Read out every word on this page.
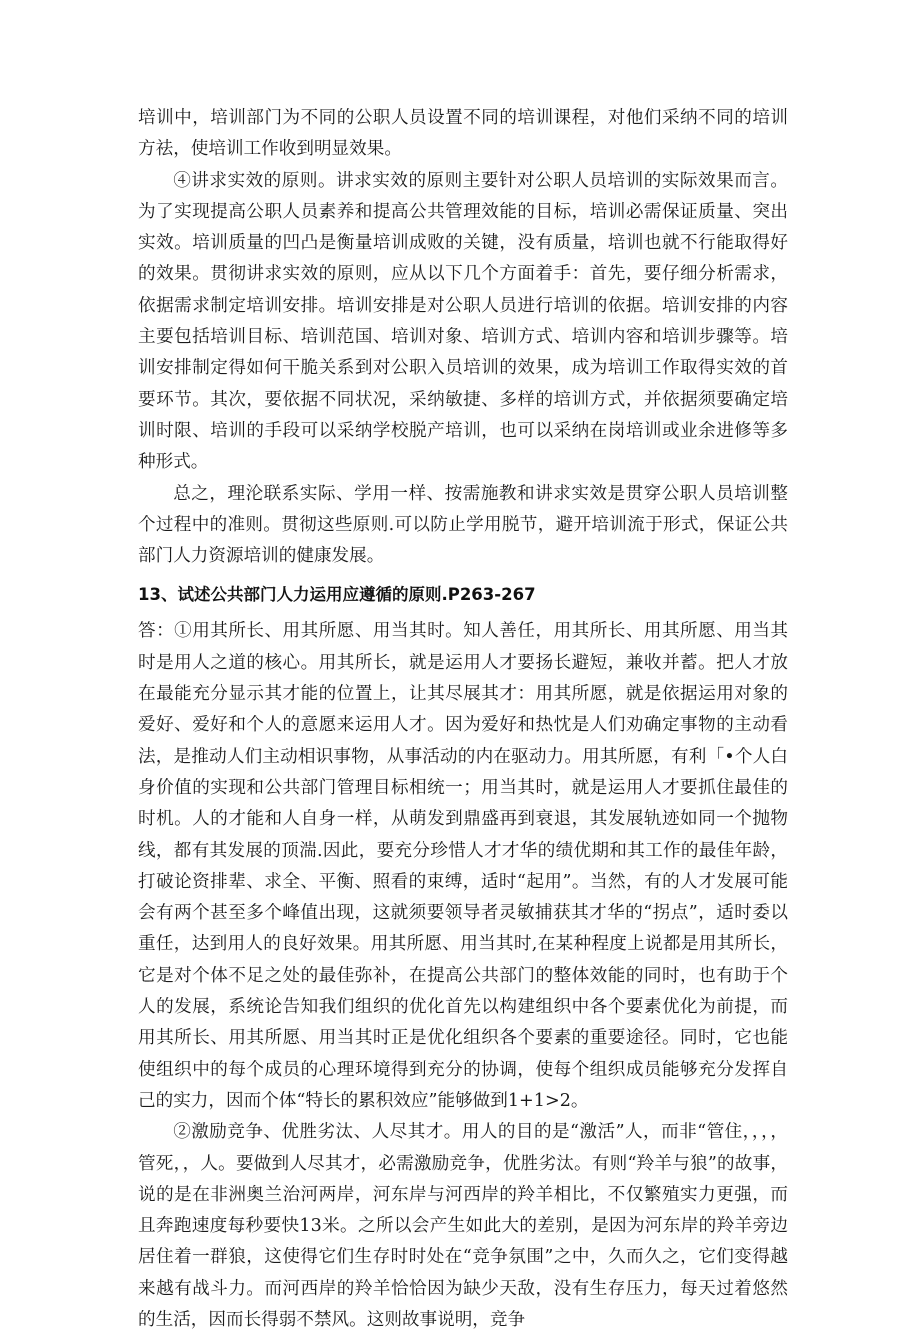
培训中，培训部门为不同的公职人员设置不同的培训课程，对他们采纳不同的培训方祛，使培训工作收到明显效果。

④讲求实效的原则。讲求实效的原则主要针对公职人员培训的实际效果而言。为了实现提高公职人员素养和提高公共管理效能的目标，培训必需保证质量、突出实效。培训质量的凹凸是衡量培训成败的关键，没有质量，培训也就不行能取得好的效果。贯彻讲求实效的原则，应从以下几个方面着手：首先，要仔细分析需求，依据需求制定培训安排。培训安排是对公职人员进行培训的依据。培训安排的内容主要包括培训目标、培训范国、培训对象、培训方式、培训内容和培训步骤等。培训安排制定得如何干脆关系到对公职入员培训的效果，成为培训工作取得实效的首要环节。其次，要依据不同状况，采纳敏捷、多样的培训方式，并依据须要确定培训时限、培训的手段可以采纳学校脱产培训，也可以采纳在岗培训或业余进修等多种形式。

总之，理沦联系实际、学用一样、按需施教和讲求实效是贯穿公职人员培训整个过程中的准则。贯彻这些原则.可以防止学用脱节，避开培训流于形式，保证公共部门人力资源培训的健康发展。

13、试述公共部门人力运用应遵循的原则.P263-267

答：①用其所长、用其所愿、用当其时。知人善任，用其所长、用其所愿、用当其时是用人之道的核心。用其所长，就是运用人才要扬长避短，兼收并蓄。把人才放在最能充分显示其才能的位置上，让其尽展其才：用其所愿，就是依据运用对象的爱好、爱好和个人的意愿来运用人才。因为爱好和热忱是人们劝确定事物的主动看法，是推动人们主动相识事物，从事活动的内在驱动力。用其所愿，有利「•个人白身价值的实现和公共部门管理目标相统一；用当其时，就是运用人才要抓住最佳的时机。人的才能和人自身一样，从萌发到鼎盛再到衰退，其发展轨迹如同一个抛物线，都有其发展的顶湍.因此，要充分珍惜人才才华的绩优期和其工作的最佳年龄，打破论资排辈、求全、平衡、照看的束缚，适时“起用”。当然，有的人才发展可能会有两个甚至多个峰值出现，这就须要领导者灵敏捕获其才华的“拐点”，适时委以重任，达到用人的良好效果。用其所愿、用当其时,在某种程度上说都是用其所长，它是对个体不足之处的最佳弥补，在提高公共部门的整体效能的同时，也有助于个人的发展，系统论告知我们组织的优化首先以构建组织中各个要素优化为前提，而用其所长、用其所愿、用当其时正是优化组织各个要素的重要途径。同时，它也能使组织中的每个成员的心理环境得到充分的协调，使每个组织成员能够充分发挥自己的实力，因而个体“特长的累积效应”能够做到1+1>2。

②激励竞争、优胜劣汰、人尽其才。用人的目的是“激活”人，而非“管住，，，，管死，，人。要做到人尽其才，必需激励竞争，优胜劣汰。有则“羚羊与狼”的故事，说的是在非洲奥兰治河两岸，河东岸与河西岸的羚羊相比，不仅繁殖实力更强，而且奔跑速度每秒要快13米。之所以会产生如此大的差别，是因为河东岸的羚羊旁边居住着一群狼，这使得它们生存时时处在“竞争氛围”之中，久而久之，它们变得越来越有战斗力。而河西岸的羚羊恰恰因为缺少天敌，没有生存压力，每天过着悠然的生活，因而长得弱不禁风。这则故事说明，竞争
